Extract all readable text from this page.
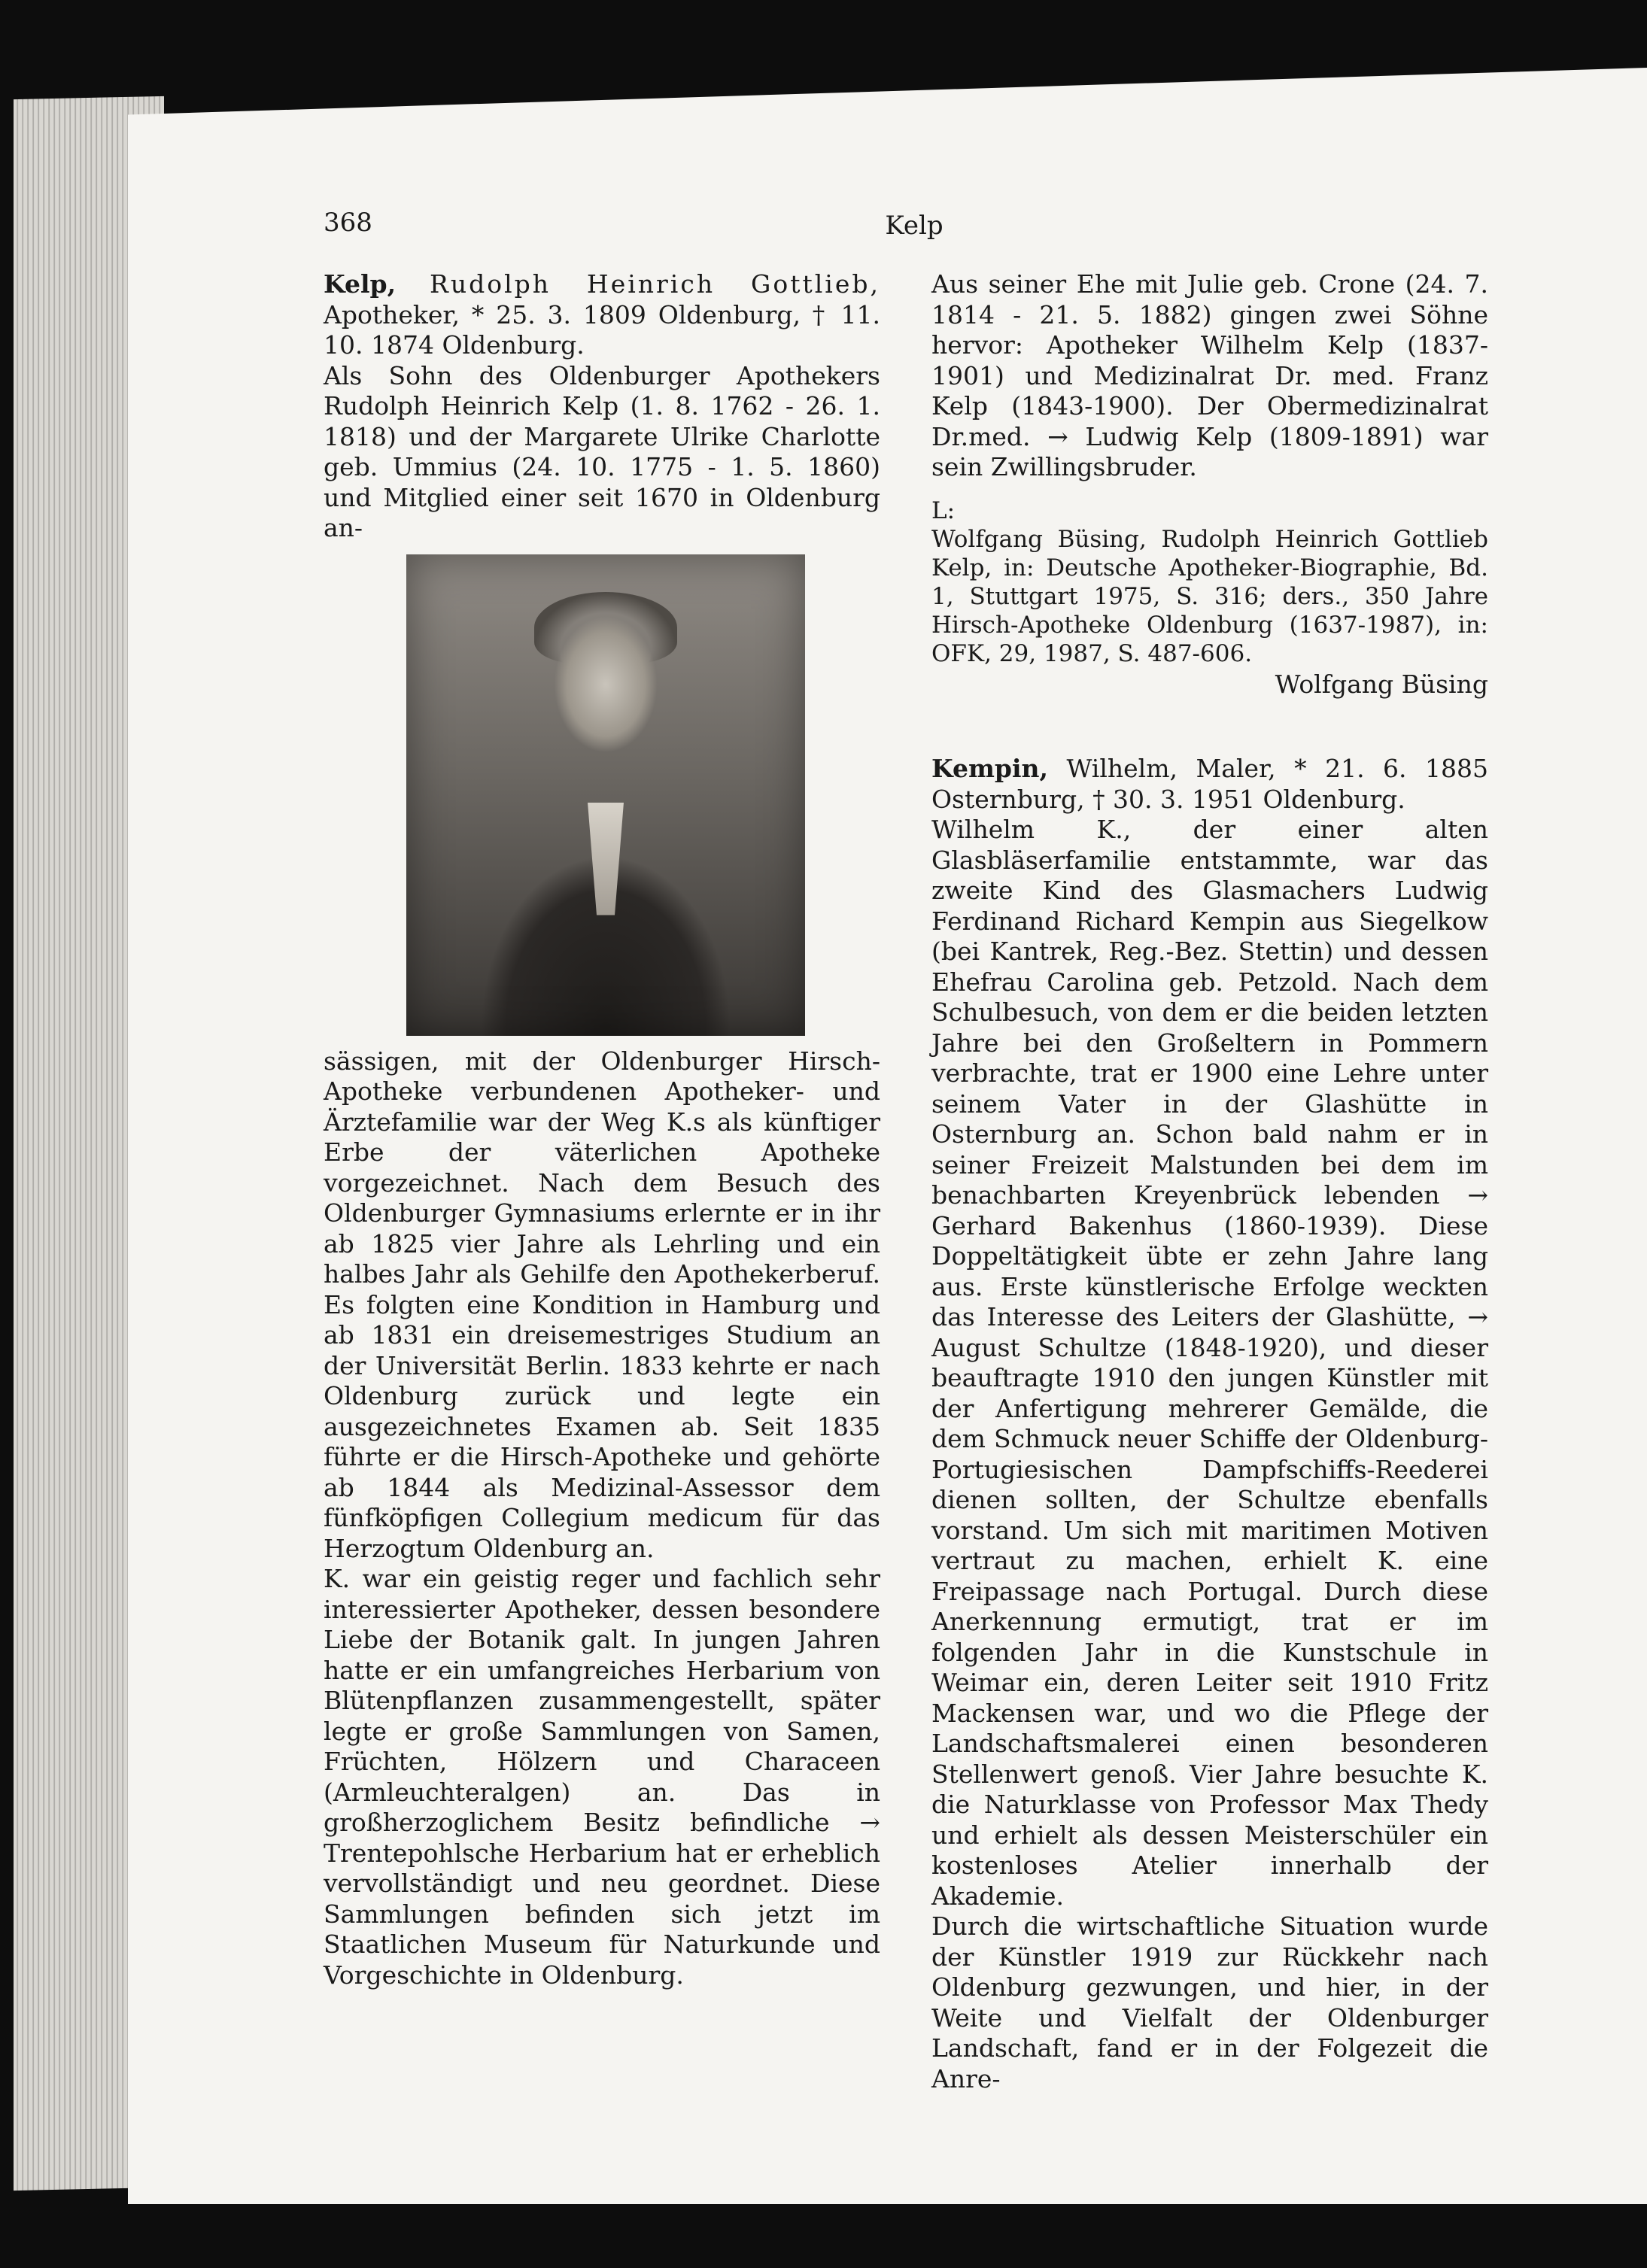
368	Kelp

Kelp, Rudolph Heinrich Gottlieb, Apotheker, * 25. 3. 1809 Oldenburg, † 11. 10. 1874 Oldenburg.

Als Sohn des Oldenburger Apothekers Rudolph Heinrich Kelp (1. 8. 1762 - 26. 1. 1818) und der Margarete Ulrike Charlotte geb. Ummius (24. 10. 1775 - 1. 5. 1860) und Mitglied einer seit 1670 in Oldenburg an-

sässigen, mit der Oldenburger Hirsch-Apotheke verbundenen Apotheker- und Ärztefamilie war der Weg K.s als künftiger Erbe der väterlichen Apotheke vorgezeichnet. Nach dem Besuch des Oldenburger Gymnasiums erlernte er in ihr ab 1825 vier Jahre als Lehrling und ein halbes Jahr als Gehilfe den Apothekerberuf. Es folgten eine Kondition in Hamburg und ab 1831 ein dreisemestriges Studium an der Universität Berlin. 1833 kehrte er nach Oldenburg zurück und legte ein ausgezeichnetes Examen ab. Seit 1835 führte er die Hirsch-Apotheke und gehörte ab 1844 als Medizinal-Assessor dem fünfköpfigen Collegium medicum für das Herzogtum Oldenburg an.

K. war ein geistig reger und fachlich sehr interessierter Apotheker, dessen besondere Liebe der Botanik galt. In jungen Jahren hatte er ein umfangreiches Herbarium von Blütenpflanzen zusammengestellt, später legte er große Sammlungen von Samen, Früchten, Hölzern und Characeen (Armleuchteralgen) an. Das in großherzoglichem Besitz befindliche → Trentepohlsche Herbarium hat er erheblich vervollständigt und neu geordnet. Diese Sammlungen befinden sich jetzt im Staatlichen Museum für Naturkunde und Vorgeschichte in Oldenburg.

Aus seiner Ehe mit Julie geb. Crone (24. 7. 1814 - 21. 5. 1882) gingen zwei Söhne hervor: Apotheker Wilhelm Kelp (1837-1901) und Medizinalrat Dr. med. Franz Kelp (1843-1900). Der Obermedizinalrat Dr.med. → Ludwig Kelp (1809-1891) war sein Zwillingsbruder.

L:

Wolfgang Büsing, Rudolph Heinrich Gottlieb Kelp, in: Deutsche Apotheker-Biographie, Bd. 1, Stuttgart 1975, S. 316; ders., 350 Jahre Hirsch-Apotheke Oldenburg (1637-1987), in: OFK, 29, 1987, S. 487-606.

Wolfgang Büsing

Kempin, Wilhelm, Maler, * 21. 6. 1885 Osternburg, † 30. 3. 1951 Oldenburg.

Wilhelm K., der einer alten Glasbläserfamilie entstammte, war das zweite Kind des Glasmachers Ludwig Ferdinand Richard Kempin aus Siegelkow (bei Kantrek, Reg.-Bez. Stettin) und dessen Ehefrau Carolina geb. Petzold. Nach dem Schulbesuch, von dem er die beiden letzten Jahre bei den Großeltern in Pommern verbrachte, trat er 1900 eine Lehre unter seinem Vater in der Glashütte in Osternburg an. Schon bald nahm er in seiner Freizeit Malstunden bei dem im benachbarten Kreyenbrück lebenden → Gerhard Bakenhus (1860-1939). Diese Doppeltätigkeit übte er zehn Jahre lang aus. Erste künstlerische Erfolge weckten das Interesse des Leiters der Glashütte, → August Schultze (1848-1920), und dieser beauftragte 1910 den jungen Künstler mit der Anfertigung mehrerer Gemälde, die dem Schmuck neuer Schiffe der Oldenburg-Portugiesischen Dampfschiffs-Reederei dienen sollten, der Schultze ebenfalls vorstand. Um sich mit maritimen Motiven vertraut zu machen, erhielt K. eine Freipassage nach Portugal. Durch diese Anerkennung ermutigt, trat er im folgenden Jahr in die Kunstschule in Weimar ein, deren Leiter seit 1910 Fritz Mackensen war, und wo die Pflege der Landschaftsmalerei einen besonderen Stellenwert genoß. Vier Jahre besuchte K. die Naturklasse von Professor Max Thedy und erhielt als dessen Meisterschüler ein kostenloses Atelier innerhalb der Akademie.

Durch die wirtschaftliche Situation wurde der Künstler 1919 zur Rückkehr nach Oldenburg gezwungen, und hier, in der Weite und Vielfalt der Oldenburger Landschaft, fand er in der Folgezeit die Anre-
